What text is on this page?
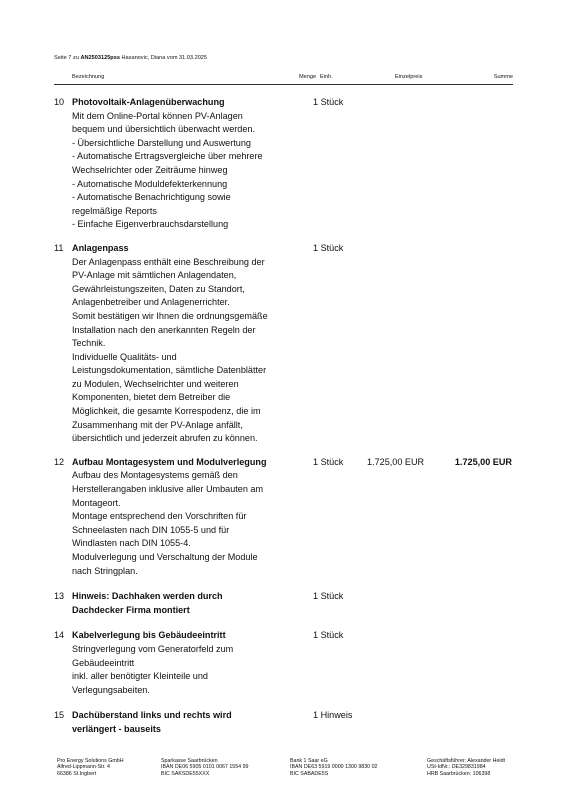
Seite 7 zu AN2503125pss Hasanovic, Diana vom 31.03.2025
Bezeichnung	Menge Einh.	Einzelpreis	Summe
10 Photovoltaik-Anlagenüberwachung
Mit dem Online-Portal können PV-Anlagen
bequem und übersichtlich überwacht werden.
- Übersichtliche Darstellung und Auswertung
- Automatische Ertragsvergleiche über mehrere
Wechselrichter oder Zeiträume hinweg
- Automatische Moduldefekterkennung
- Automatische Benachrichtigung sowie
regelmäßige Reports
- Einfache Eigenverbrauchsdarstellung
1 Stück
11 Anlagenpass
Der Anlagenpass enthält eine Beschreibung der
PV-Anlage mit sämtlichen Anlagendaten,
Gewährleistungszeiten, Daten zu Standort,
Anlagenbetreiber und Anlagenerrichter.
Somit bestätigen wir Ihnen die ordnungsgemäße
Installation nach den anerkannten Regeln der
Technik.
Individuelle Qualitäts- und
Leistungsdokumentation, sämtliche Datenblätter
zu Modulen, Wechselrichter und weiteren
Komponenten, bietet dem Betreiber die
Möglichkeit, die gesamte Korrespodenz, die im
Zusammenhang mit der PV-Anlage anfällt,
übersichtlich und jederzeit abrufen zu können.
1 Stück
12 Aufbau Montagesystem und Modulverlegung
Aufbau des Montagesystems gemäß den
Herstellerangaben inklusive aller Umbauten am
Montageort.
Montage entsprechend den Vorschriften für
Schneelasten nach DIN 1055-5 und für
Windlasten nach DIN 1055-4.
Modulverlegung und Verschaltung der Module
nach Stringplan.
1 Stück	1.725,00 EUR	1.725,00 EUR
13 Hinweis: Dachhaken werden durch
Dachdecker Firma montiert
1 Stück
14 Kabelverlegung bis Gebäudeeintritt
Stringverlegung vom Generatorfeld zum
Gebäudeeintritt
inkl. aller benötigter Kleinteile und
Verlegungsabeiten.
1 Stück
15 Dachüberstand links und rechts wird
verlängert - bauseits
1 Hinweis
Pro Energy Solutions GmbH
Alfred-Lippmann-Str. 4
66386 St.Ingbert
Sparkasse Saarbrücken
IBAN DE06 5905 0101 0067 1554 99
BIC SAKSDE55XXX
Bank 1 Saar eG
IBAN DE63 5919 0000 1300 9830 02
BIC SABADE5S
Geschäftsführer: Alexander Heidt
USt-IdNr.: DE329831984
HRB Saarbrücken: 106398
